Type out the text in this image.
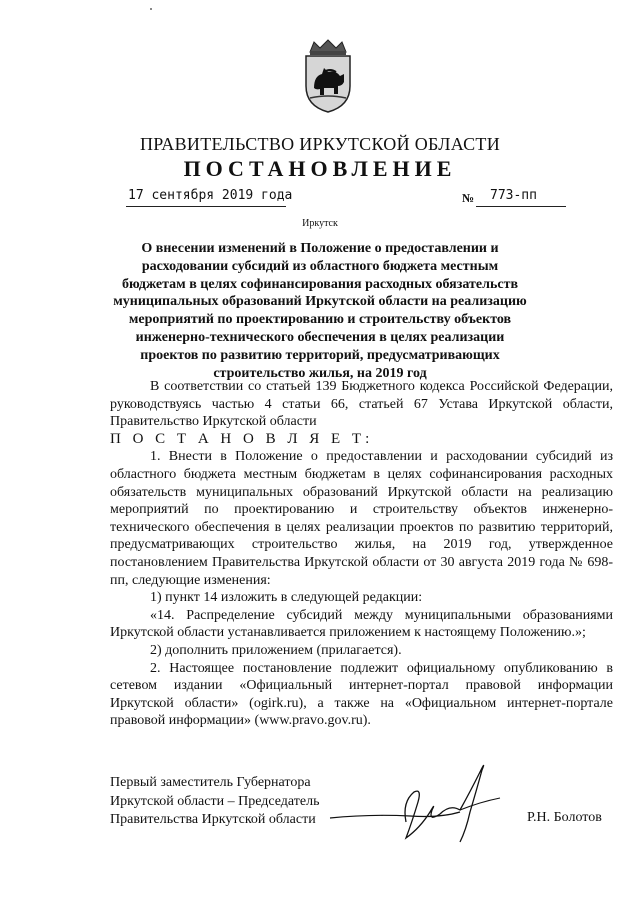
ПРАВИТЕЛЬСТВО ИРКУТСКОЙ ОБЛАСТИ
ПОСТАНОВЛЕНИЕ
17 сентября 2019 года	№ 773-пп
Иркутск
О внесении изменений в Положение о предоставлении и расходовании субсидий из областного бюджета местным бюджетам в целях софинансирования расходных обязательств муниципальных образований Иркутской области на реализацию мероприятий по проектированию и строительству объектов инженерно-технического обеспечения в целях реализации проектов по развитию территорий, предусматривающих строительство жилья, на 2019 год

В соответствии со статьей 139 Бюджетного кодекса Российской Федерации, руководствуясь частью 4 статьи 66, статьей 67 Устава Иркутской области, Правительство Иркутской области

П О С Т А Н О В Л Я Е Т:

1. Внести в Положение о предоставлении и расходовании субсидий из областного бюджета местным бюджетам в целях софинансирования расходных обязательств муниципальных образований Иркутской области на реализацию мероприятий по проектированию и строительству объектов инженерно-технического обеспечения в целях реализации проектов по развитию территорий, предусматривающих строительство жилья, на 2019 год, утвержденное постановлением Правительства Иркутской области от 30 августа 2019 года № 698-пп, следующие изменения:

1) пункт 14 изложить в следующей редакции:

«14. Распределение субсидий между муниципальными образованиями Иркутской области устанавливается приложением к настоящему Положению.»;

2) дополнить приложением (прилагается).

2. Настоящее постановление подлежит официальному опубликованию в сетевом издании «Официальный интернет-портал правовой информации Иркутской области» (ogirk.ru), а также на «Официальном интернет-портале правовой информации» (www.pravo.gov.ru).

Первый заместитель Губернатора
Иркутской области – Председатель
Правительства Иркутской области	Р.Н. Болотов
